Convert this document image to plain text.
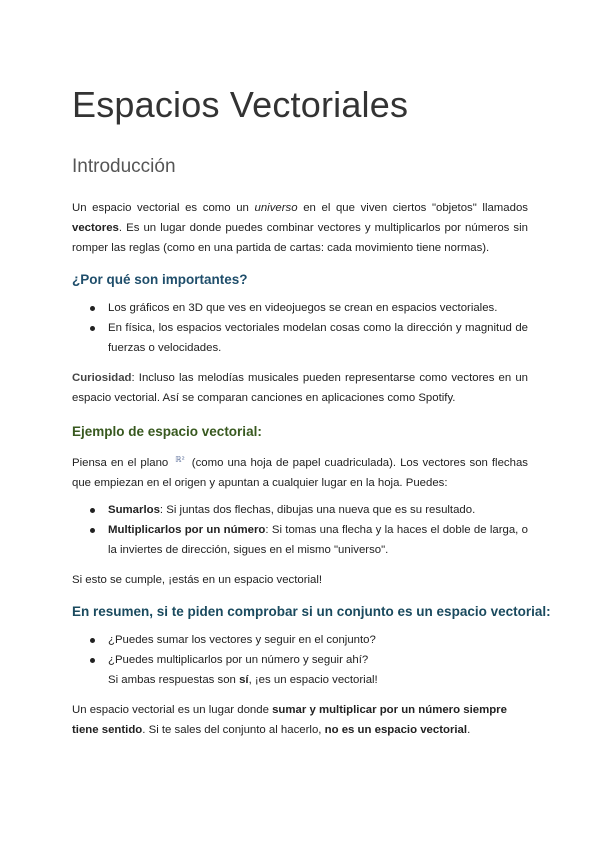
Espacios Vectoriales
Introducción

Un espacio vectorial es como un universo en el que viven ciertos "objetos" llamados vectores. Es un lugar donde puedes combinar vectores y multiplicarlos por números sin romper las reglas (como en una partida de cartas: cada movimiento tiene normas).

¿Por qué son importantes?
Los gráficos en 3D que ves en videojuegos se crean en espacios vectoriales.
En física, los espacios vectoriales modelan cosas como la dirección y magnitud de fuerzas o velocidades.

Curiosidad: Incluso las melodías musicales pueden representarse como vectores en un espacio vectorial. Así se comparan canciones en aplicaciones como Spotify.

Ejemplo de espacio vectorial:

Piensa en el plano ℝ² (como una hoja de papel cuadriculada). Los vectores son flechas que empiezan en el origen y apuntan a cualquier lugar en la hoja. Puedes:

Sumarlos: Si juntas dos flechas, dibujas una nueva que es su resultado.
Multiplicarlos por un número: Si tomas una flecha y la haces el doble de larga, o la inviertes de dirección, sigues en el mismo "universo".

Si esto se cumple, ¡estás en un espacio vectorial!

En resumen, si te piden comprobar si un conjunto es un espacio vectorial:
¿Puedes sumar los vectores y seguir en el conjunto?
¿Puedes multiplicarlos por un número y seguir ahí?
Si ambas respuestas son sí, ¡es un espacio vectorial!

Un espacio vectorial es un lugar donde sumar y multiplicar por un número siempre tiene sentido. Si te sales del conjunto al hacerlo, no es un espacio vectorial.
